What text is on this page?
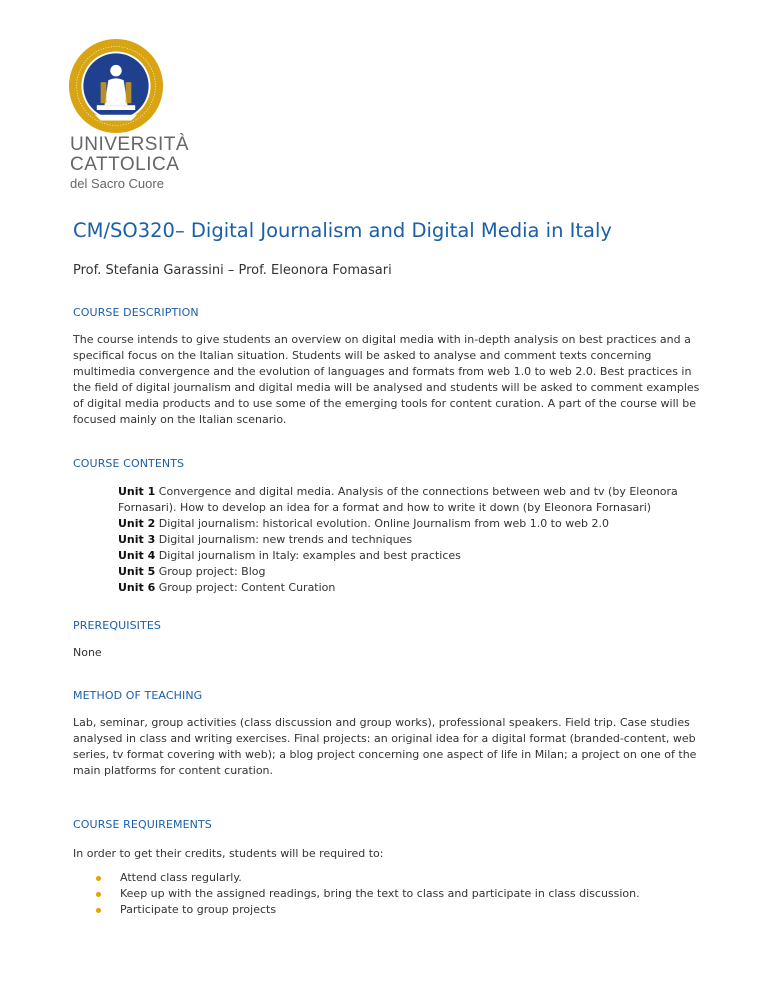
UNIVERSITÀ
CATTOLICA
del Sacro Cuore
CM/SO320– Digital Journalism and Digital Media in Italy
Prof. Stefania Garassini – Prof. Eleonora Fomasari
COURSE DESCRIPTION

The course intends to give students an overview on digital media with in-depth analysis on best practices and a specifical focus on the Italian situation. Students will be asked to analyse and comment texts concerning multimedia convergence and the evolution of languages and formats from web 1.0 to web 2.0. Best practices in the field of digital journalism and digital media will be analysed and students will be asked to comment examples of digital media products and to use some of the emerging tools for content curation. A part of the course will be focused mainly on the Italian scenario.

COURSE CONTENTS

Unit 1 Convergence and digital media. Analysis of the connections between web and tv (by Eleonora Fornasari). How to develop an idea for a format and how to write it down (by Eleonora Fornasari)

Unit 2 Digital journalism: historical evolution. Online Journalism from web 1.0 to web 2.0

Unit 3 Digital journalism: new trends and techniques

Unit 4 Digital journalism in Italy: examples and best practices

Unit 5 Group project: Blog

Unit 6 Group project: Content Curation

PREREQUISITES

None

METHOD OF TEACHING

Lab, seminar, group activities (class discussion and group works), professional speakers. Field trip. Case studies analysed in class and writing exercises. Final projects: an original idea for a digital format (branded-content, web series, tv format covering with web); a blog project concerning one aspect of life in Milan; a project on one of the main platforms for content curation.

COURSE REQUIREMENTS

In order to get their credits, students will be required to:

Attend class regularly.
Keep up with the assigned readings, bring the text to class and participate in class discussion.
Participate to group projects
